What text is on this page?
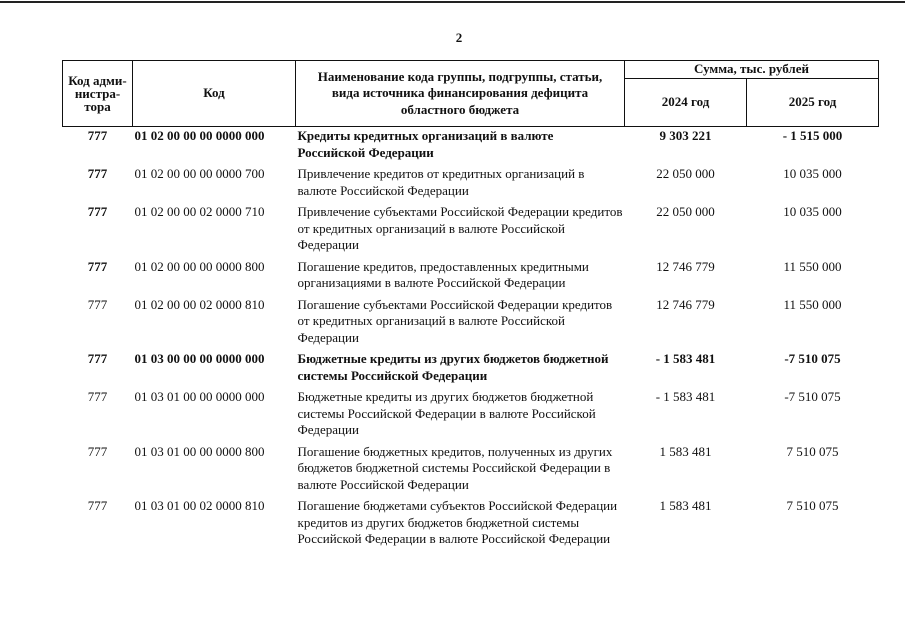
2
Код адми-нистра-тора	Код	Наименование кода группы, подгруппы, статьи, вида источника финансирования дефицита областного бюджета	Сумма, тыс. рублей	
			2024 год	2025 год
777	01 02 00 00 00 0000 000	Кредиты кредитных организаций в валюте Российской Федерации	9 303 221	- 1 515 000
777	01 02 00 00 00 0000 700	Привлечение кредитов от кредитных организаций в валюте Российской Федерации	22 050 000	10 035 000
777	01 02 00 00 02 0000 710	Привлечение субъектами Российской Федерации кредитов от кредитных организаций в валюте Российской Федерации	22 050 000	10 035 000
777	01 02 00 00 00 0000 800	Погашение кредитов, предоставленных кредитными организациями в валюте Российской Федерации	12 746 779	11 550 000
777	01 02 00 00 02 0000 810	Погашение субъектами Российской Федерации кредитов от кредитных организаций в валюте Российской Федерации	12 746 779	11 550 000
777	01 03 00 00 00 0000 000	Бюджетные кредиты из других бюджетов бюджетной системы Российской Федерации	- 1 583 481	-7 510 075
777	01 03 01 00 00 0000 000	Бюджетные кредиты из других бюджетов бюджетной системы Российской Федерации в валюте Российской Федерации	- 1 583 481	-7 510 075
777	01 03 01 00 00 0000 800	Погашение бюджетных кредитов, полученных из других бюджетов бюджетной системы Российской Федерации в валюте Российской Федерации	1 583 481	7 510 075
777	01 03 01 00 02 0000 810	Погашение бюджетами субъектов Российской Федерации кредитов из других бюджетов бюджетной системы Российской Федерации в валюте Российской Федерации	1 583 481	7 510 075
